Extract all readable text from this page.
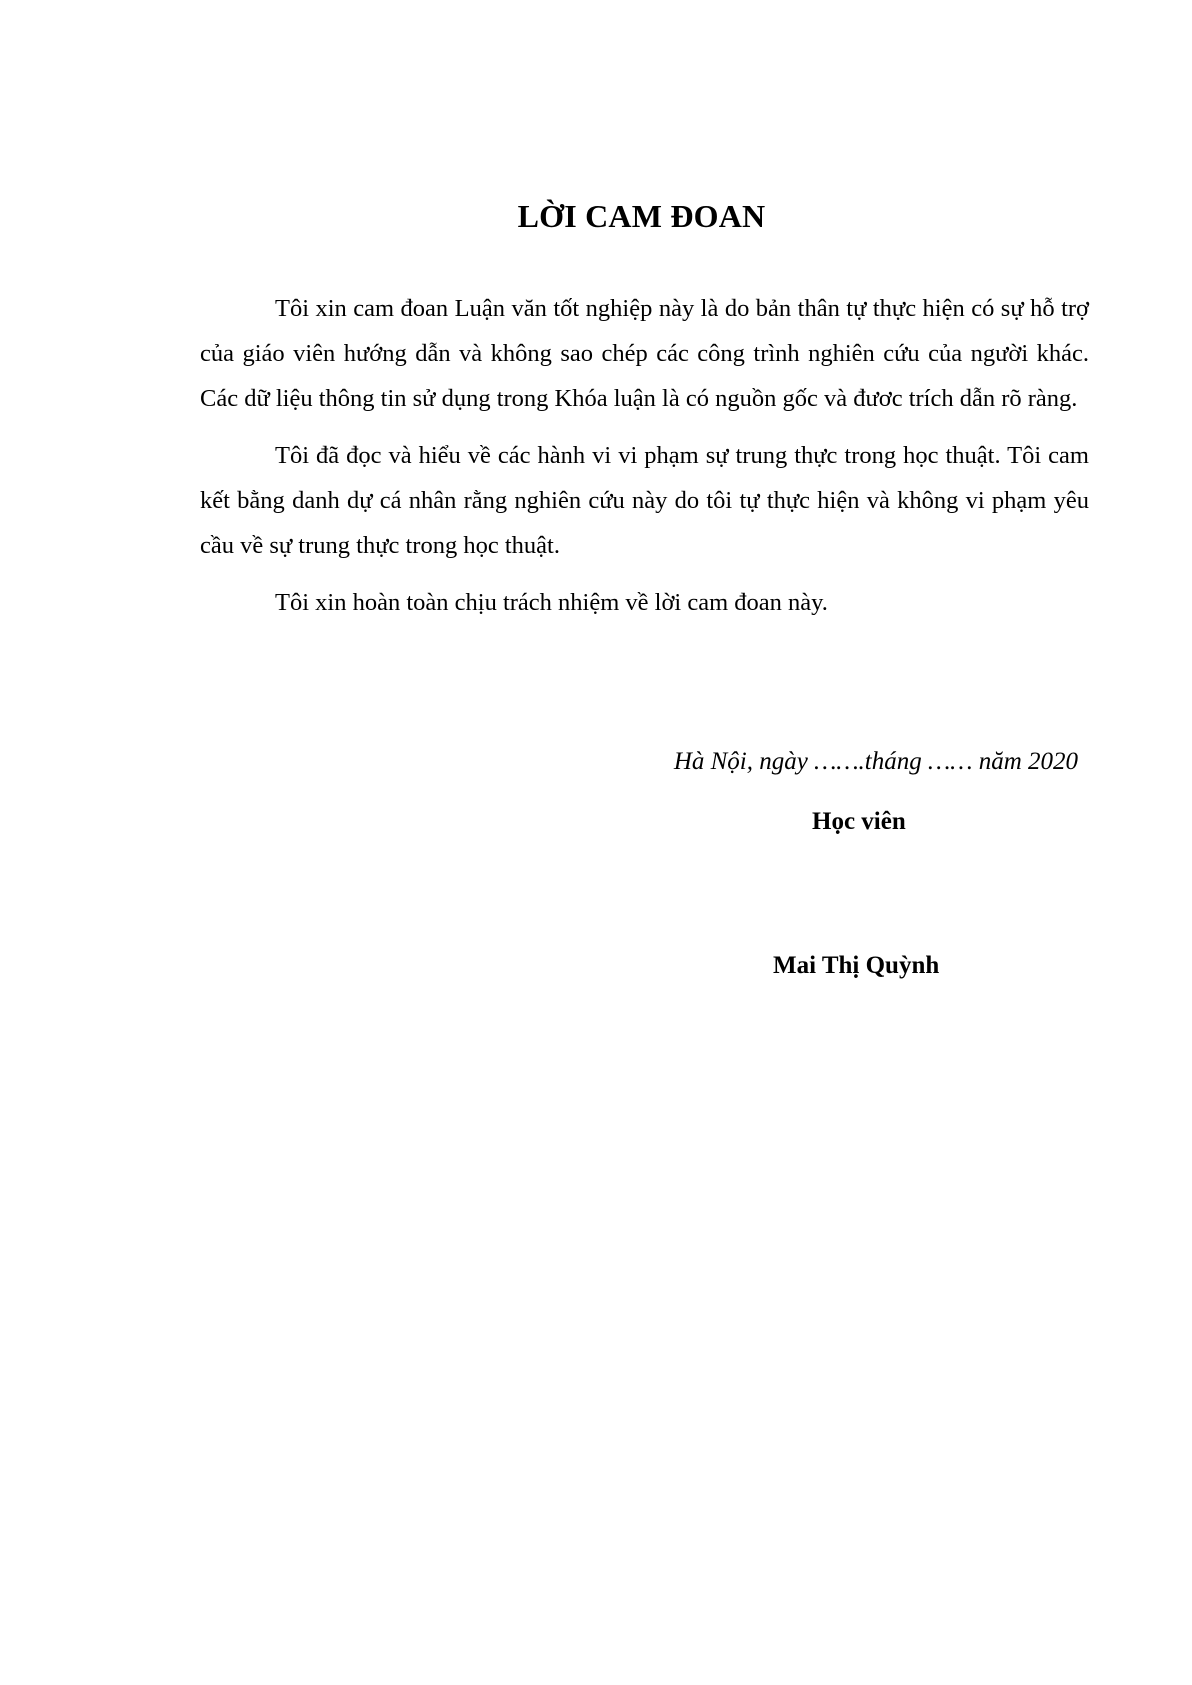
LỜI CAM ĐOAN

Tôi xin cam đoan Luận văn tốt nghiệp này là do bản thân tự thực hiện có sự hỗ trợ của giáo viên hướng dẫn và không sao chép các công trình nghiên cứu của người khác. Các dữ liệu thông tin sử dụng trong Khóa luận là có nguồn gốc và đươc trích dẫn rõ ràng.

Tôi đã đọc và hiểu về các hành vi vi phạm sự trung thực trong học thuật. Tôi cam kết bằng danh dự cá nhân rằng nghiên cứu này do tôi tự thực hiện và không vi phạm yêu cầu về sự trung thực trong học thuật.

Tôi xin hoàn toàn chịu trách nhiệm về lời cam đoan này.

Hà Nội, ngày …….tháng …… năm 2020
Học viên
Mai Thị Quỳnh
